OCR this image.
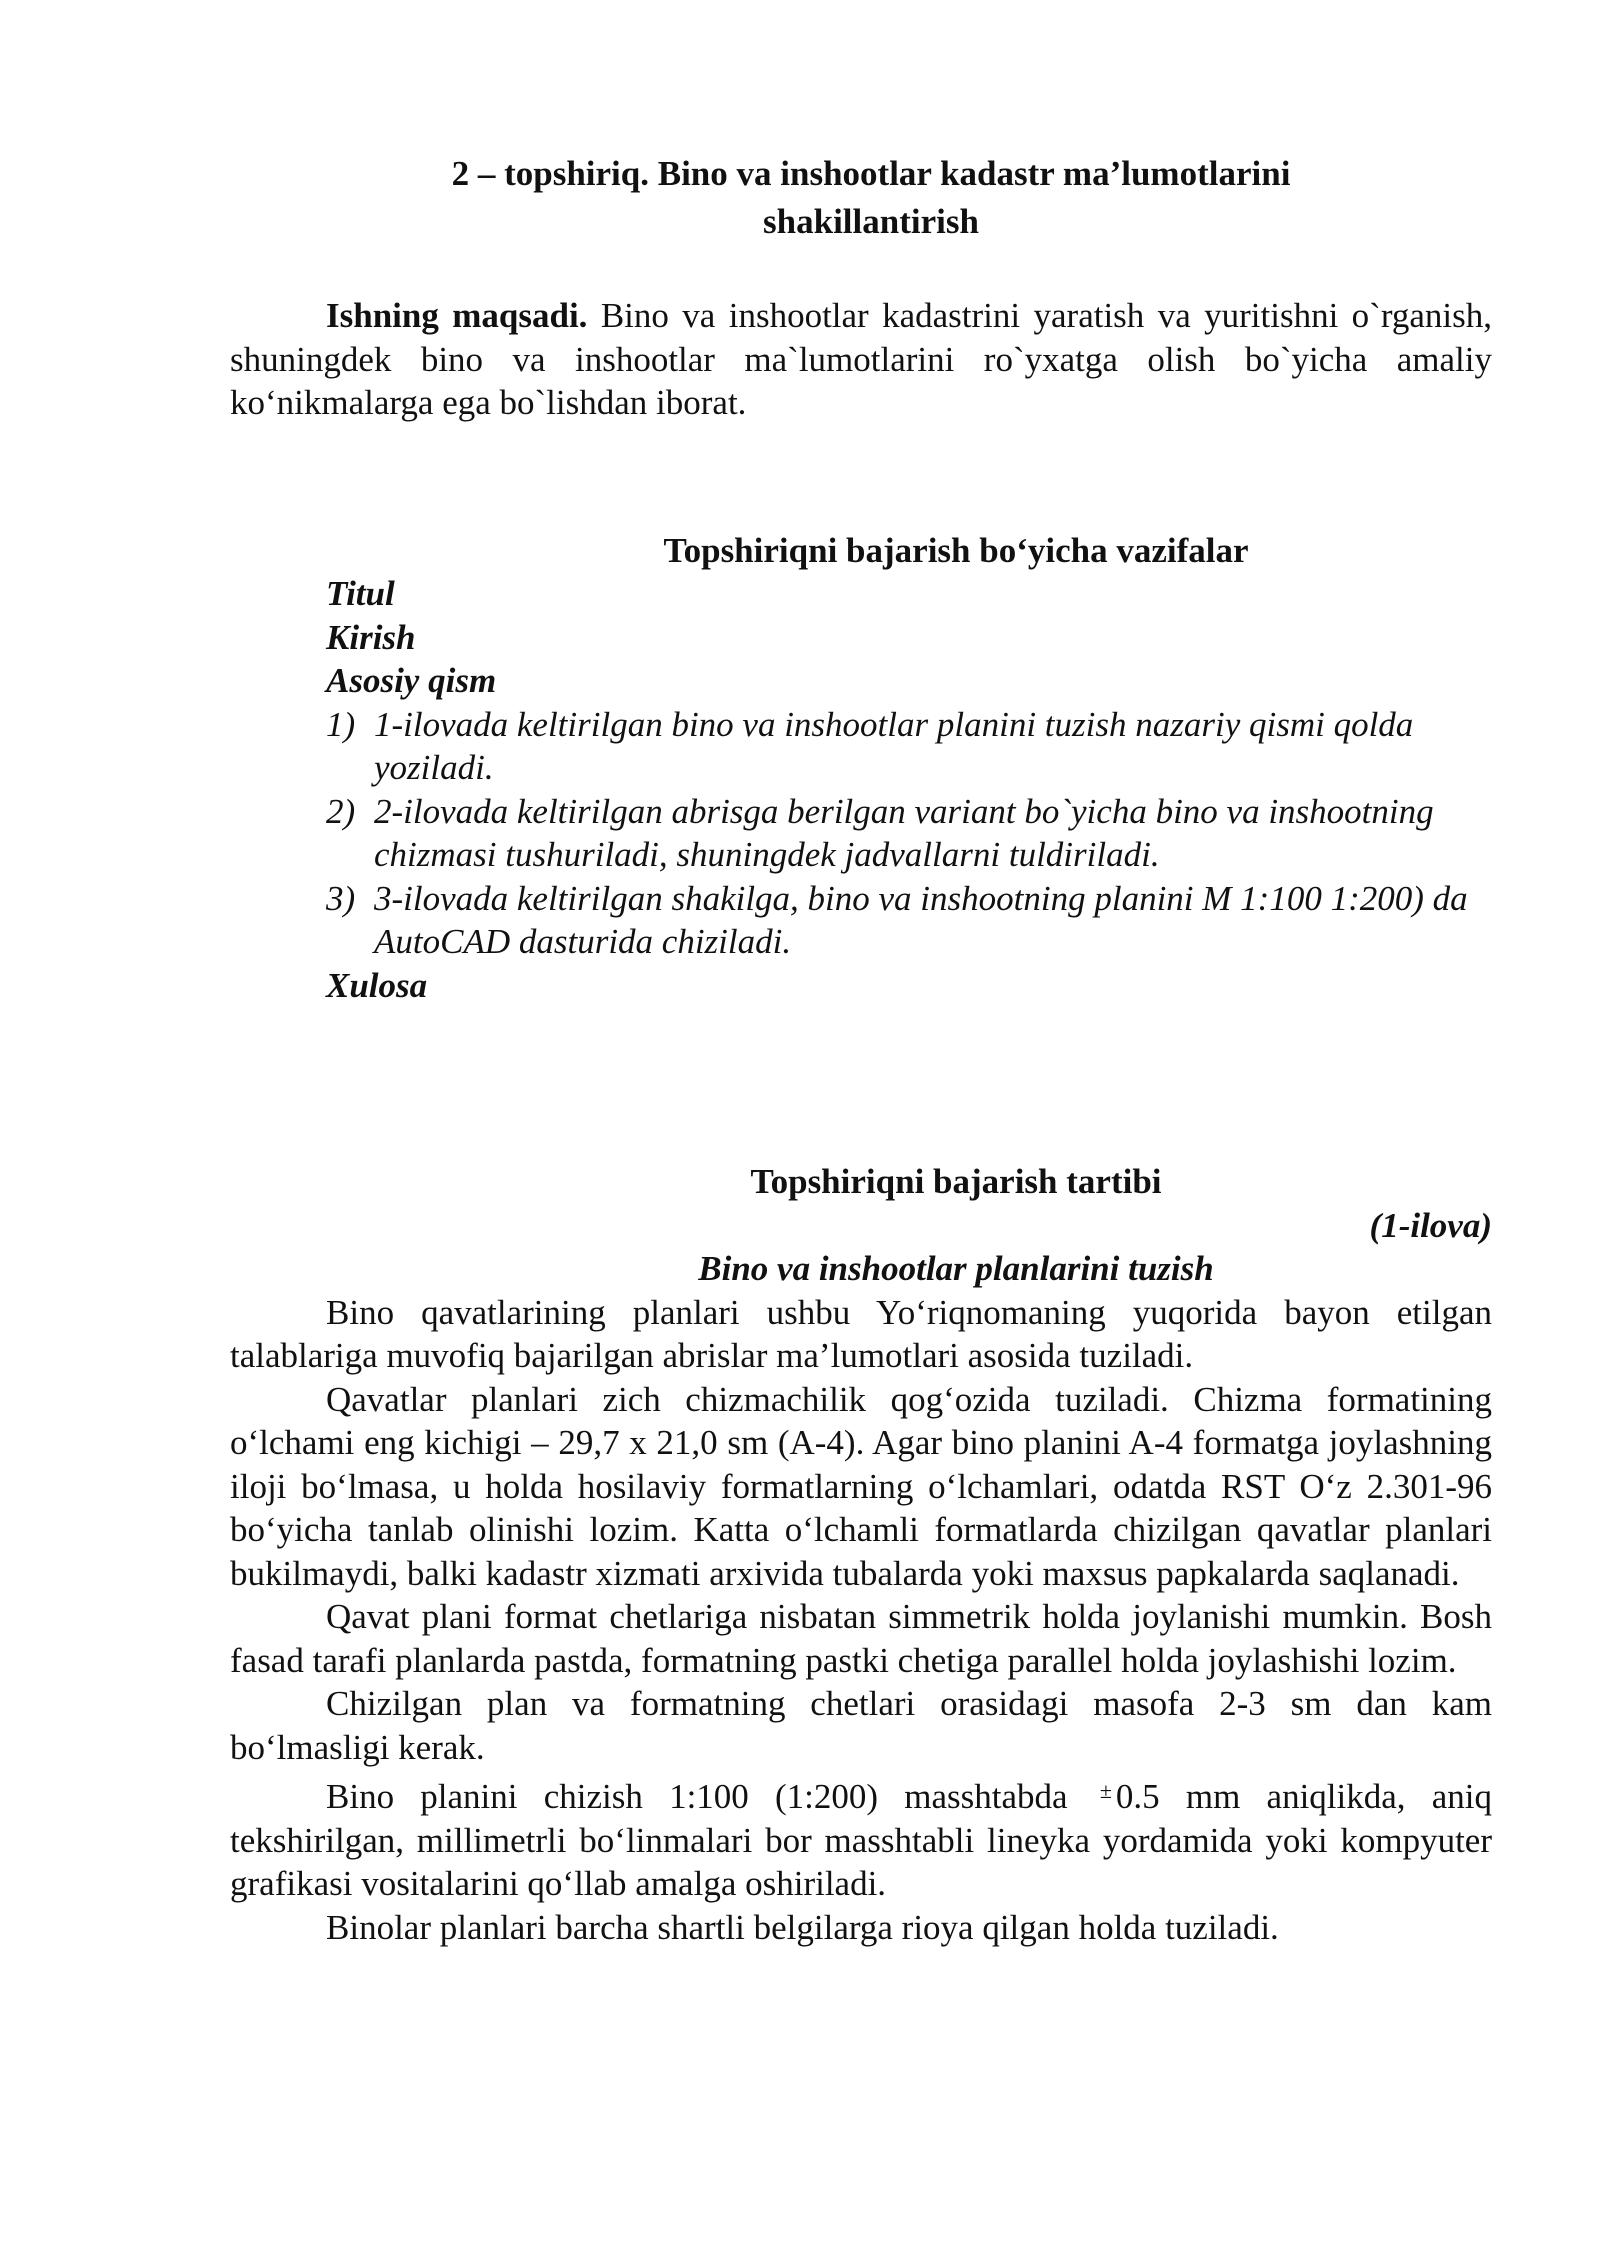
2 – topshiriq. Bino va inshootlar kadastr ma’lumotlarini
shakillantirish

Ishning maqsadi. Bino va inshootlar kadastrini yaratish va yuritishni o`rganish, shuningdek bino va inshootlar ma`lumotlarini ro`yxatga olish bo`yicha amaliy ko‘nikmalarga ega bo`lishdan iborat.

Topshiriqni bajarish bo‘yicha vazifalar
Titul
Kirish
Asosiy qism
1) 1-ilovada keltirilgan bino va inshootlar planini tuzish nazariy qismi qolda yoziladi.
2) 2-ilovada keltirilgan abrisga berilgan variant bo`yicha bino va inshootning chizmasi tushuriladi, shuningdek jadvallarni tuldiriladi.
3) 3-ilovada keltirilgan shakilga, bino va inshootning planini M 1:100 1:200) da AutoCAD dasturida chiziladi.
Xulosa
Topshiriqni bajarish tartibi
(1-ilova)
Bino va inshootlar planlarini tuzish

Bino qavatlarining planlari ushbu Yo‘riqnomaning yuqorida bayon etilgan talablariga muvofiq bajarilgan abrislar ma’lumotlari asosida tuziladi.

Qavatlar planlari zich chizmachilik qog‘ozida tuziladi. Chizma formatining o‘lchami eng kichigi – 29,7 x 21,0 sm (A-4). Agar bino planini A-4 formatga joylashning iloji bo‘lmasa, u holda hosilaviy formatlarning o‘lchamlari, odatda RST O‘z 2.301-96 bo‘yicha tanlab olinishi lozim. Katta o‘lchamli formatlarda chizilgan qavatlar planlari bukilmaydi, balki kadastr xizmati arxivida tubalarda yoki maxsus papkalarda saqlanadi.

Qavat plani format chetlariga nisbatan simmetrik holda joylanishi mumkin. Bosh fasad tarafi planlarda pastda, formatning pastki chetiga parallel holda joylashishi lozim.

Chizilgan plan va formatning chetlari orasidagi masofa 2-3 sm dan kam bo‘lmasligi kerak.

Bino planini chizish 1:100 (1:200) masshtabda ± 0.5 mm aniqlikda, aniq tekshirilgan, millimetrli bo‘linmalari bor masshtabli lineyka yordamida yoki kompyuter grafikasi vositalarini qo‘llab amalga oshiriladi.

Binolar planlari barcha shartli belgilarga rioya qilgan holda tuziladi.
